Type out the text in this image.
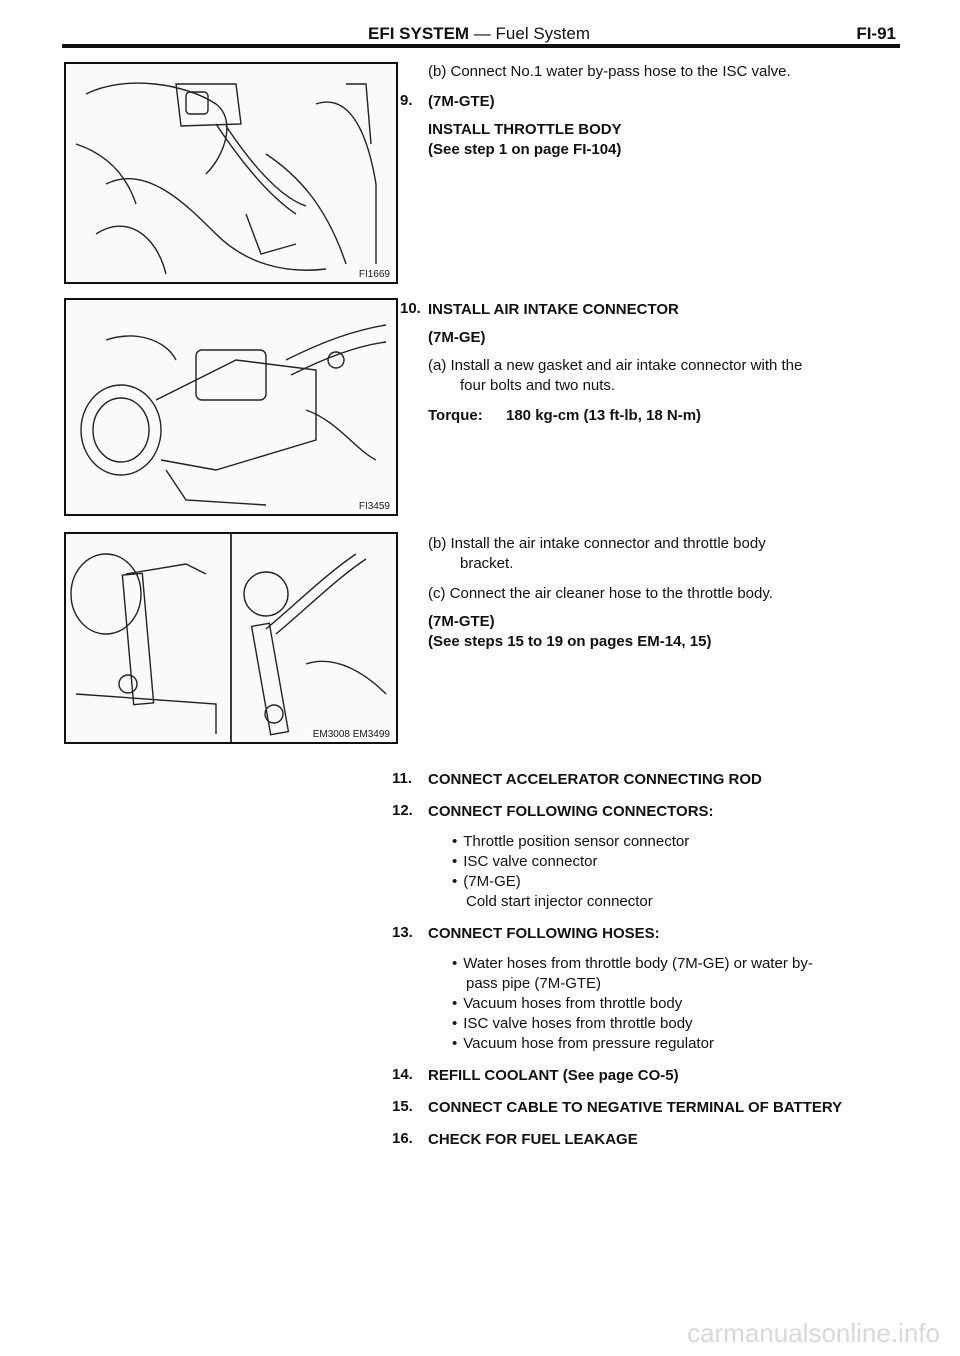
EFI SYSTEM — Fuel System	FI-91
FI1669
FI3459
EM3008 EM3499
(b) Connect No.1 water by-pass hose to the ISC valve.
9. (7M-GTE)
INSTALL THROTTLE BODY
(See step 1 on page FI-104)
10. INSTALL AIR INTAKE CONNECTOR
(7M-GE)
(a) Install a new gasket and air intake connector with the
four bolts and two nuts.
Torque: 180 kg-cm (13 ft-lb, 18 N-m)
(b) Install the air intake connector and throttle body
bracket.
(c) Connect the air cleaner hose to the throttle body.
(7M-GTE)
(See steps 15 to 19 on pages EM-14, 15)
11. CONNECT ACCELERATOR CONNECTING ROD
12. CONNECT FOLLOWING CONNECTORS:
• Throttle position sensor connector
• ISC valve connector
• (7M-GE)
Cold start injector connector
13. CONNECT FOLLOWING HOSES:
• Water hoses from throttle body (7M-GE) or water by-
pass pipe (7M-GTE)
• Vacuum hoses from throttle body
• ISC valve hoses from throttle body
• Vacuum hose from pressure regulator
14. REFILL COOLANT (See page CO-5)
15. CONNECT CABLE TO NEGATIVE TERMINAL OF BATTERY
16. CHECK FOR FUEL LEAKAGE
carmanualsonline.info
